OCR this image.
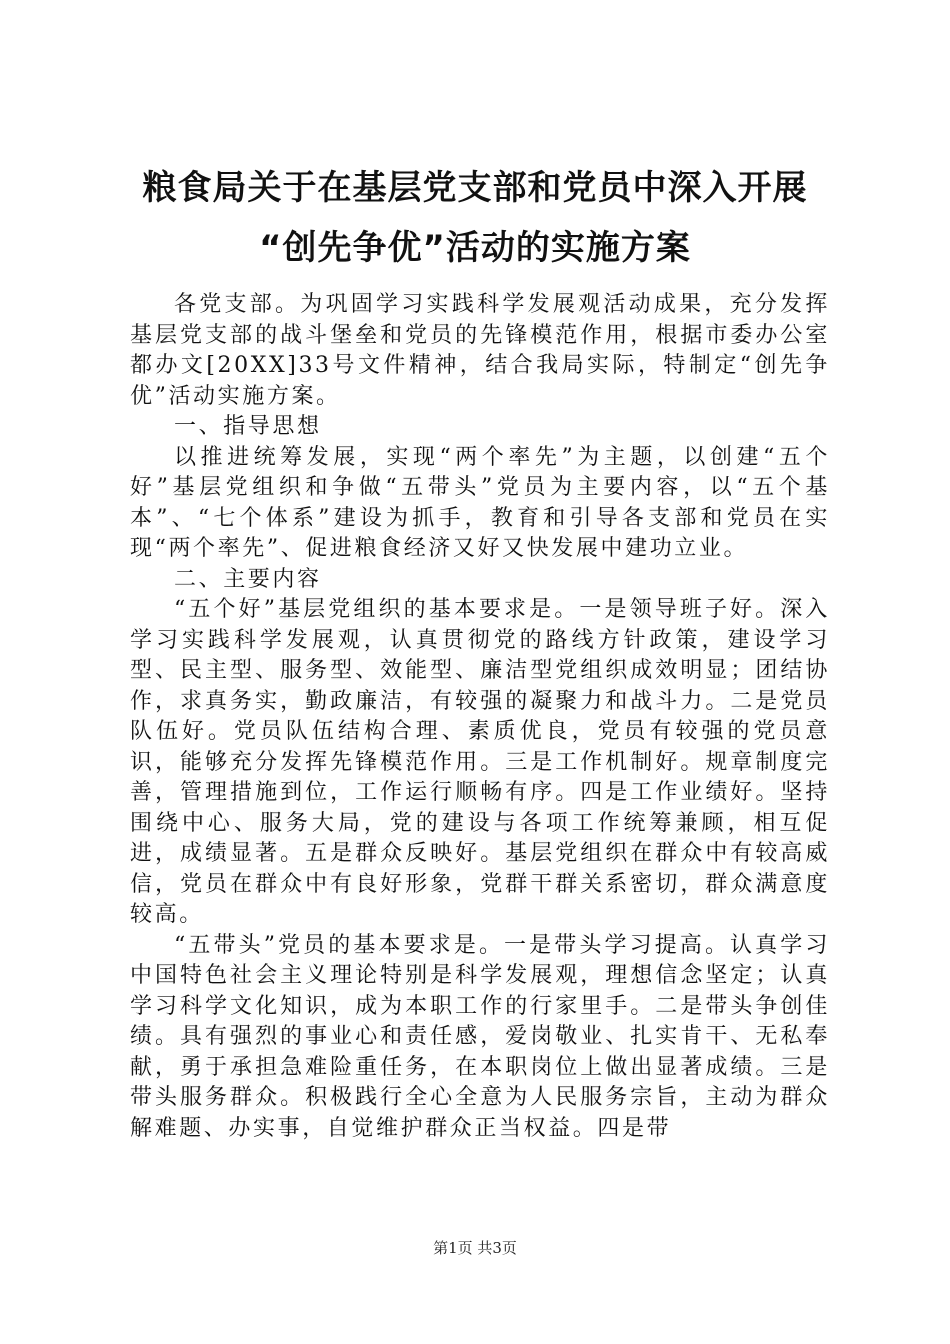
粮食局关于在基层党支部和党员中深入开展
“创先争优”活动的实施方案

各党支部。为巩固学习实践科学发展观活动成果，充分发挥基层党支部的战斗堡垒和党员的先锋模范作用，根据市委办公室都办文[20XX]33号文件精神，结合我局实际，特制定“创先争优”活动实施方案。

一、指导思想

以推进统筹发展，实现“两个率先”为主题，以创建“五个好”基层党组织和争做“五带头”党员为主要内容，以“五个基本”、“七个体系”建设为抓手，教育和引导各支部和党员在实现“两个率先”、促进粮食经济又好又快发展中建功立业。

二、主要内容

“五个好”基层党组织的基本要求是。一是领导班子好。深入学习实践科学发展观，认真贯彻党的路线方针政策，建设学习型、民主型、服务型、效能型、廉洁型党组织成效明显；团结协作，求真务实，勤政廉洁，有较强的凝聚力和战斗力。二是党员队伍好。党员队伍结构合理、素质优良，党员有较强的党员意识，能够充分发挥先锋模范作用。三是工作机制好。规章制度完善，管理措施到位，工作运行顺畅有序。四是工作业绩好。坚持围绕中心、服务大局，党的建设与各项工作统筹兼顾，相互促进，成绩显著。五是群众反映好。基层党组织在群众中有较高威信，党员在群众中有良好形象，党群干群关系密切，群众满意度较高。

“五带头”党员的基本要求是。一是带头学习提高。认真学习中国特色社会主义理论特别是科学发展观，理想信念坚定；认真学习科学文化知识，成为本职工作的行家里手。二是带头争创佳绩。具有强烈的事业心和责任感，爱岗敬业、扎实肯干、无私奉献，勇于承担急难险重任务，在本职岗位上做出显著成绩。三是带头服务群众。积极践行全心全意为人民服务宗旨，主动为群众解难题、办实事，自觉维护群众正当权益。四是带

第1页 共3页
